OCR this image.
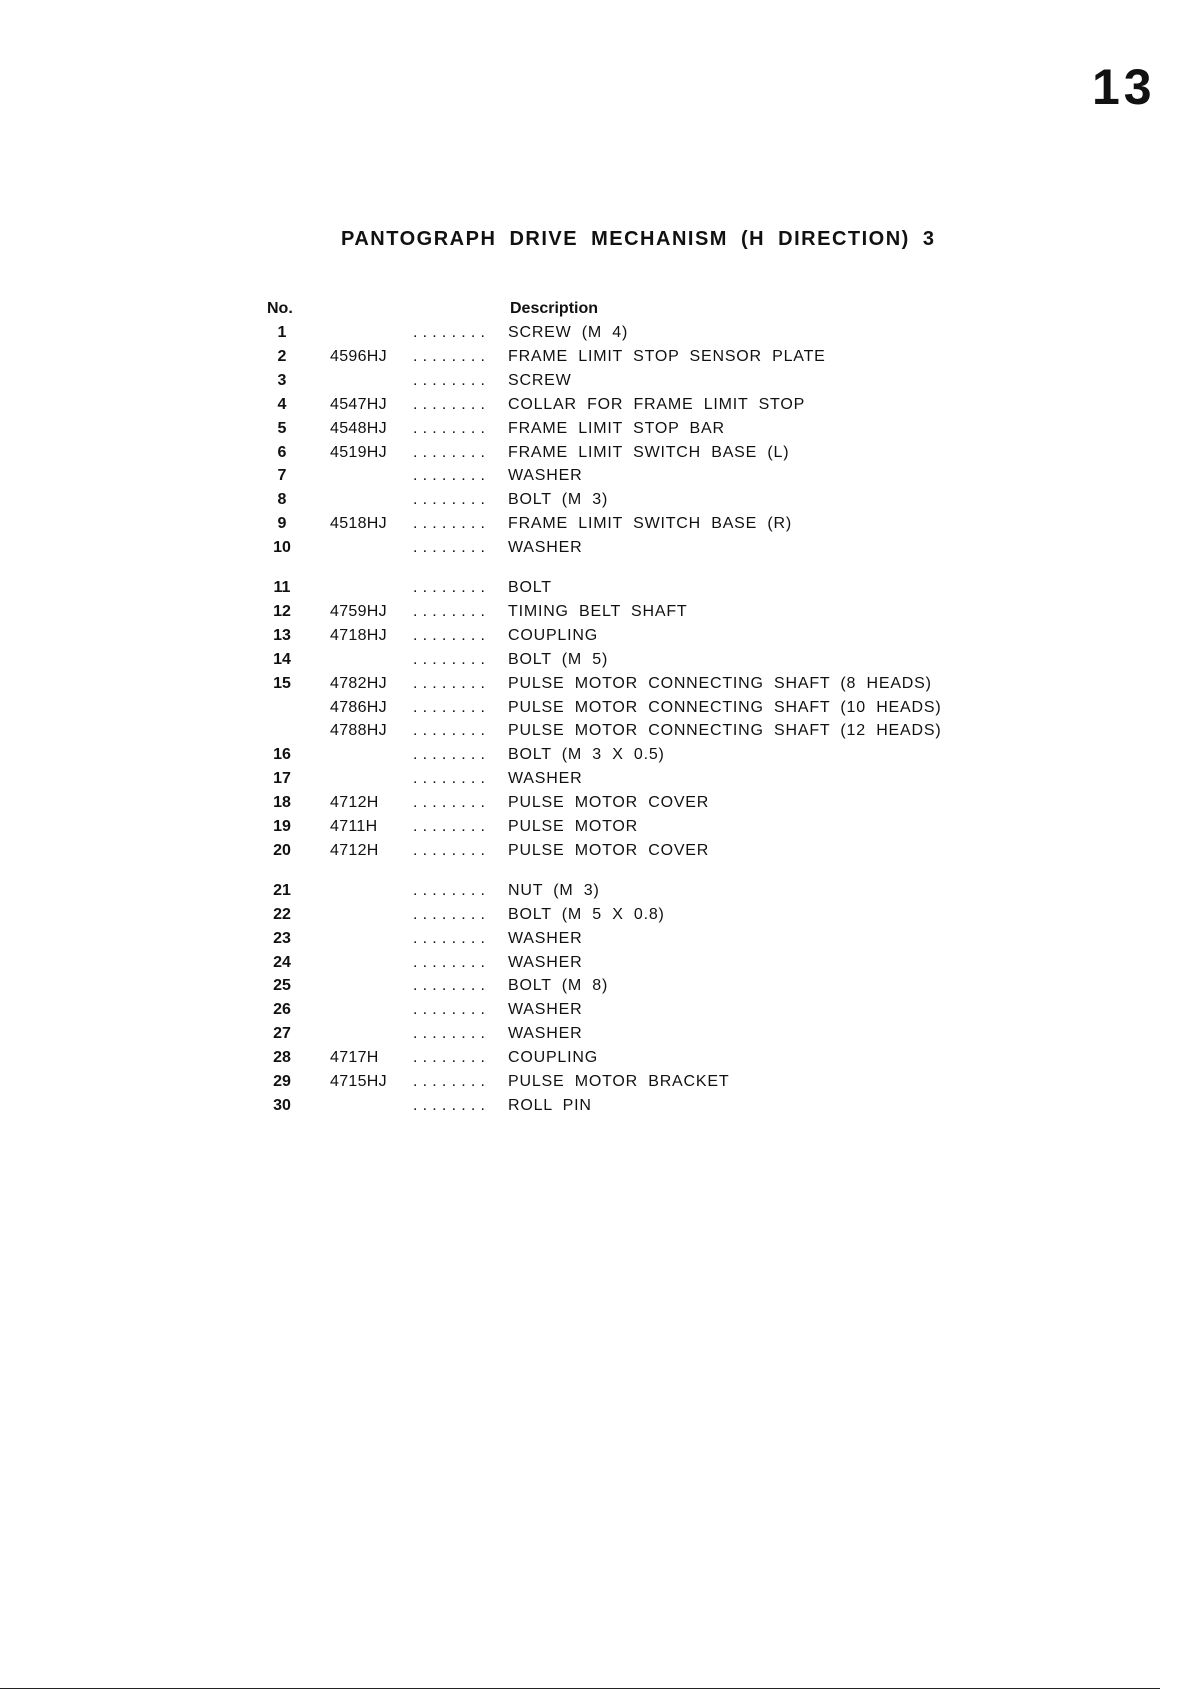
13
PANTOGRAPH DRIVE MECHANISM (H DIRECTION) 3
No.	Description
1	........ SCREW (M 4)
2	4596HJ ........ FRAME LIMIT STOP SENSOR PLATE
3	........ SCREW
4	4547HJ ........ COLLAR FOR FRAME LIMIT STOP
5	4548HJ ........ FRAME LIMIT STOP BAR
6	4519HJ ........ FRAME LIMIT SWITCH BASE (L)
7	........ WASHER
8	........ BOLT (M 3)
9	4518HJ ........ FRAME LIMIT SWITCH BASE (R)
10	........ WASHER
11	........ BOLT
12	4759HJ ........ TIMING BELT SHAFT
13	4718HJ ........ COUPLING
14	........ BOLT (M 5)
15	4782HJ ........ PULSE MOTOR CONNECTING SHAFT (8 HEADS)
4786HJ ........ PULSE MOTOR CONNECTING SHAFT (10 HEADS)
4788HJ ........ PULSE MOTOR CONNECTING SHAFT (12 HEADS)
16	........ BOLT (M 3 X 0.5)
17	........ WASHER
18	4712H ........ PULSE MOTOR COVER
19	4711H ........ PULSE MOTOR
20	4712H ........ PULSE MOTOR COVER
21	........ NUT (M 3)
22	........ BOLT (M 5 X 0.8)
23	........ WASHER
24	........ WASHER
25	........ BOLT (M 8)
26	........ WASHER
27	........ WASHER
28	4717H ........ COUPLING
29	4715HJ ........ PULSE MOTOR BRACKET
30	........ ROLL PIN
